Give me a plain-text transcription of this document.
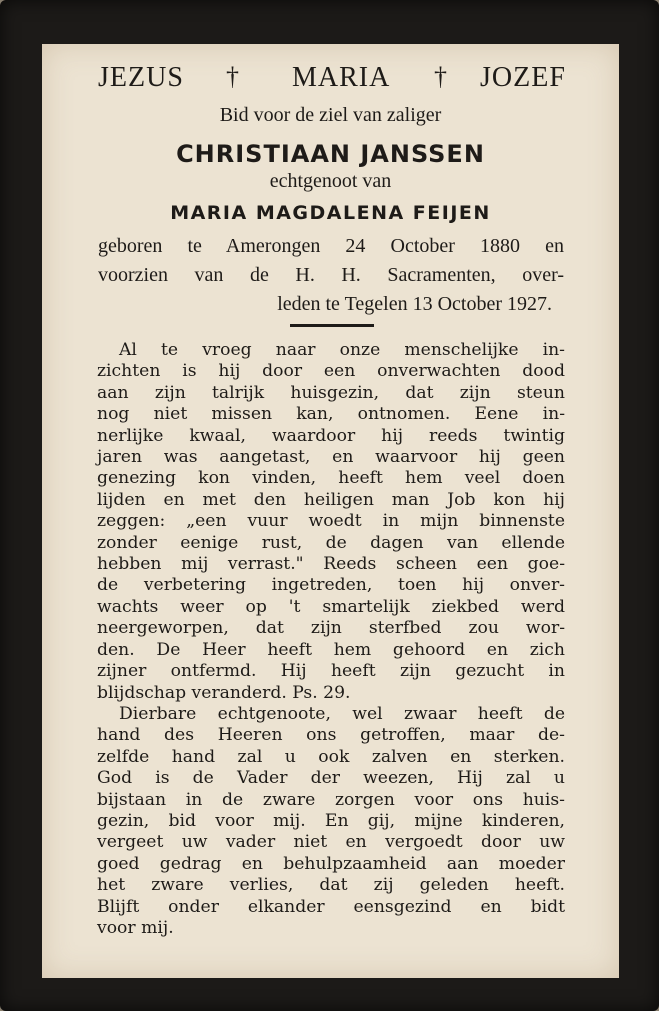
JEZUS † MARIA † JOZEF
Bid voor de ziel van zaliger
CHRISTIAAN JANSSEN
echtgenoot van
MARIA MAGDALENA FEIJEN
geboren te Amerongen 24 October 1880 en
voorzien van de H. H. Sacramenten, over-
leden te Tegelen 13 October 1927.
Al te vroeg naar onze menschelijke in-
zichten is hij door een onverwachten dood
aan zijn talrijk huisgezin, dat zijn steun
nog niet missen kan, ontnomen. Eene in-
nerlijke kwaal, waardoor hij reeds twintig
jaren was aangetast, en waarvoor hij geen
genezing kon vinden, heeft hem veel doen
lijden en met den heiligen man Job kon hij
zeggen: „een vuur woedt in mijn binnenste
zonder eenige rust, de dagen van ellende
hebben mij verrast." Reeds scheen een goe-
de verbetering ingetreden, toen hij onver-
wachts weer op 't smartelijk ziekbed werd
neergeworpen, dat zijn sterfbed zou wor-
den. De Heer heeft hem gehoord en zich
zijner ontfermd. Hij heeft zijn gezucht in
blijdschap veranderd. Ps. 29.
Dierbare echtgenoote, wel zwaar heeft de
hand des Heeren ons getroffen, maar de-
zelfde hand zal u ook zalven en sterken.
God is de Vader der weezen, Hij zal u
bijstaan in de zware zorgen voor ons huis-
gezin, bid voor mij. En gij, mijne kinderen,
vergeet uw vader niet en vergoedt door uw
goed gedrag en behulpzaamheid aan moeder
het zware verlies, dat zij geleden heeft.
Blijft onder elkander eensgezind en bidt
voor mij.
